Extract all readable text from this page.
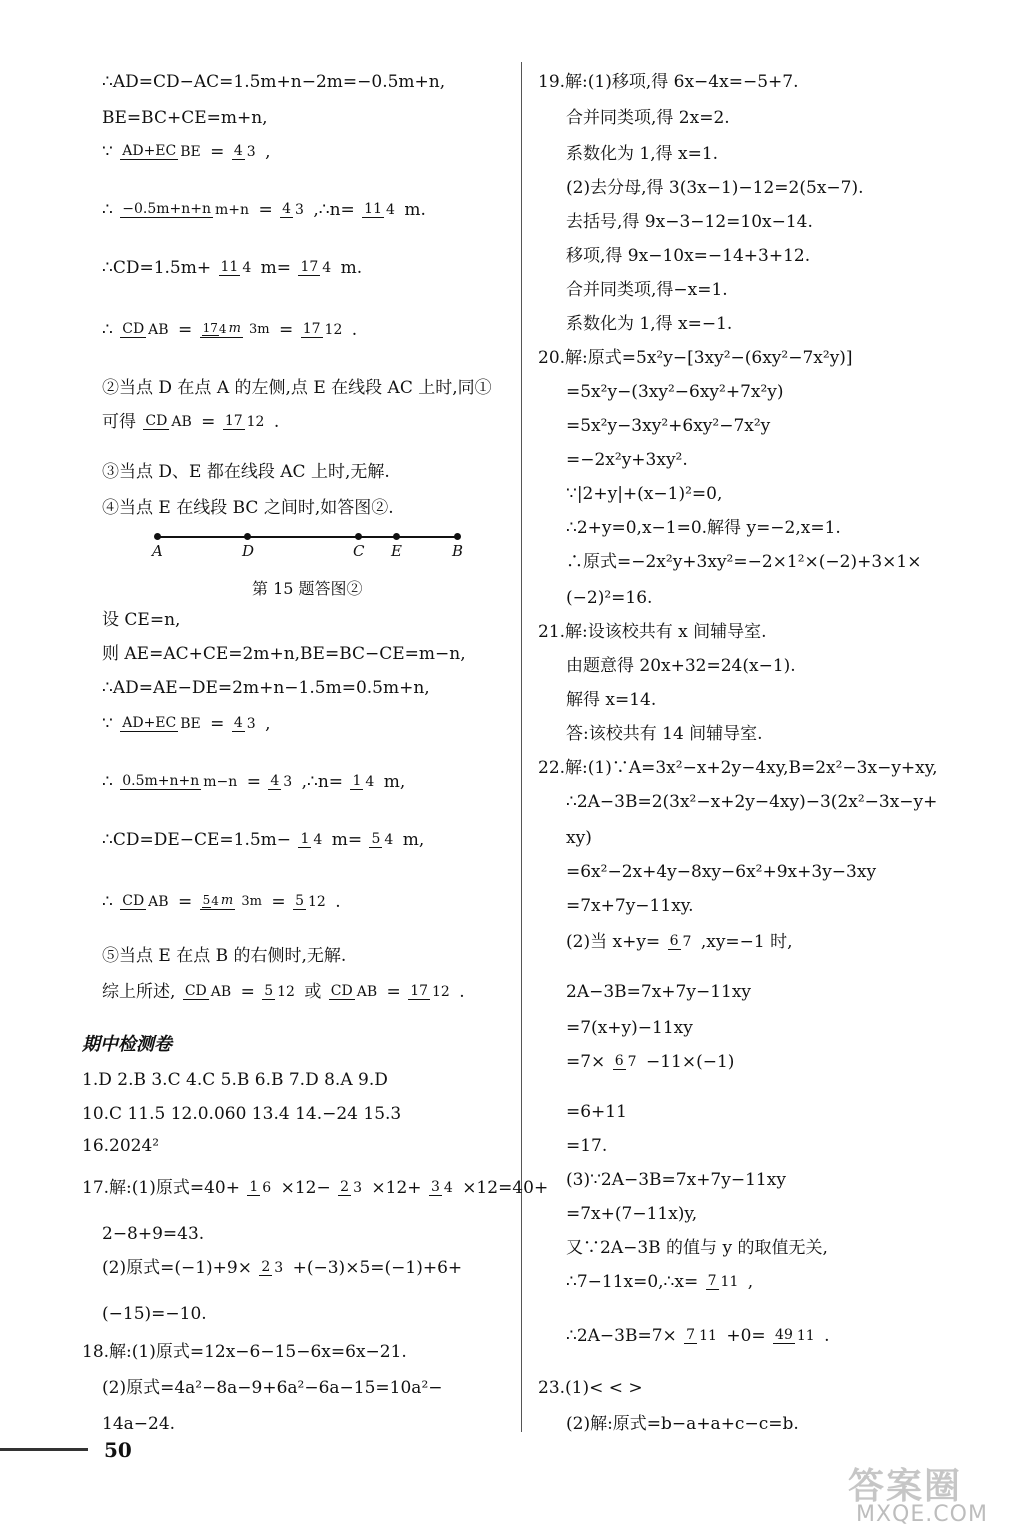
∴AD=CD−AC=1.5m+n−2m=−0.5m+n,
BE=BC+CE=m+n,
∵ AD+EC BE = 4 3 ,
∴ −0.5m+n+n m+n = 4 3 ,∴n= 11 4 m.
∴CD=1.5m+ 11 4 m= 17 4 m.
∴ CD AB = 174 m 3m = 17 12 .
②当点 D 在点 A 的左侧,点 E 在线段 AC 上时,同①
可得 CD AB = 17 12 .
③当点 D、E 都在线段 AC 上时,无解.
④当点 E 在线段 BC 之间时,如答图②.
A	D	C E	B
第 15 题答图②
设 CE=n,
则 AE=AC+CE=2m+n,BE=BC−CE=m−n,
∴AD=AE−DE=2m+n−1.5m=0.5m+n,
∵ AD+EC BE = 4 3 ,
∴ 0.5m+n+n m−n = 4 3 ,∴n= 1 4 m,
∴CD=DE−CE=1.5m− 1 4 m= 5 4 m,
∴ CD AB = 54 m 3m = 5 12 .
⑤当点 E 在点 B 的右侧时,无解.
综上所述, CD AB = 5 12 或 CD AB = 17 12 .
期中检测卷
1.D 2.B 3.C 4.C 5.B 6.B 7.D 8.A 9.D
10.C 11.5 12.0.060 13.4 14.−24 15.3
16.2024²
17.解:(1)原式=40+ 1 6 ×12− 2 3 ×12+ 3 4 ×12=40+
2−8+9=43.
(2)原式=(−1)+9× 2 3 +(−3)×5=(−1)+6+
(−15)=−10.
18.解:(1)原式=12x−6−15−6x=6x−21.
(2)原式=4a²−8a−9+6a²−6a−15=10a²−
14a−24.
19.解:(1)移项,得 6x−4x=−5+7.
合并同类项,得 2x=2.
系数化为 1,得 x=1.
(2)去分母,得 3(3x−1)−12=2(5x−7).
去括号,得 9x−3−12=10x−14.
移项,得 9x−10x=−14+3+12.
合并同类项,得−x=1.
系数化为 1,得 x=−1.
20.解:原式=5x²y−[3xy²−(6xy²−7x²y)]
=5x²y−(3xy²−6xy²+7x²y)
=5x²y−3xy²+6xy²−7x²y
=−2x²y+3xy².
∵|2+y|+(x−1)²=0,
∴2+y=0,x−1=0.解得 y=−2,x=1.
∴原式=−2x²y+3xy²=−2×1²×(−2)+3×1×
(−2)²=16.
21.解:设该校共有 x 间辅导室.
由题意得 20x+32=24(x−1).
解得 x=14.
答:该校共有 14 间辅导室.
22.解:(1)∵A=3x²−x+2y−4xy,B=2x²−3x−y+xy,
∴2A−3B=2(3x²−x+2y−4xy)−3(2x²−3x−y+
xy)
=6x²−2x+4y−8xy−6x²+9x+3y−3xy
=7x+7y−11xy.
(2)当 x+y= 6 7 ,xy=−1 时,
2A−3B=7x+7y−11xy
=7(x+y)−11xy
=7× 6 7 −11×(−1)
=6+11
=17.
(3)∵2A−3B=7x+7y−11xy
=7x+(7−11x)y,
又∵2A−3B 的值与 y 的取值无关,
∴7−11x=0,∴x= 7 11 ,
∴2A−3B=7× 7 11 +0= 49 11 .
23.(1)< < >
(2)解:原式=b−a+a+c−c=b.
50
答案圈
MXQE.COM
